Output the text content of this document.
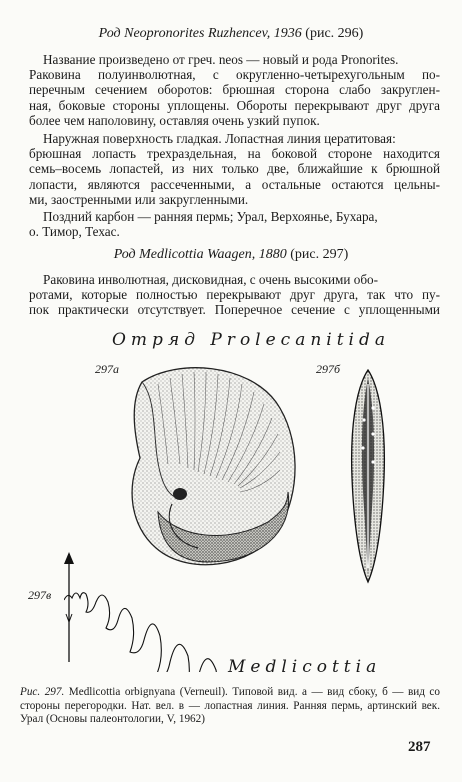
Род Neopronorites Ruzhencev, 1936 (рис. 296)
Название произведено от греч. neos — новый и рода Pronorites.
Раковина полуинволютная, с округленно-четырехугольным по-
перечным сечением оборотов: брюшная сторона слабо закруглен-
ная, боковые стороны уплощены. Обороты перекрывают друг друга
более чем наполовину, оставляя очень узкий пупок.
Наружная поверхность гладкая. Лопастная линия цератитовая:
брюшная лопасть трехраздельная, на боковой стороне находится
семь–восемь лопастей, из них только две, ближайшие к брюшной
лопасти, являются рассеченными, а остальные остаются цельны-
ми, заостренными или закругленными.
Поздний карбон — ранняя пермь; Урал, Верхоянье, Бухара,
о. Тимор, Техас.
Род Medlicottia Waagen, 1880 (рис. 297)
Раковина инволютная, дисковидная, с очень высокими обо-
ротами, которые полностью перекрывают друг друга, так что пу-
пок практически отсутствует. Поперечное сечение с уплощенными
Отряд Prolecanitida
297а	297б
297в
Medlicottia
Рис. 297. Medlicottia orbignyana (Verneuil). Типовой вид. а — вид сбоку, б — вид со стороны перегородки. Нат. вел. в — лопастная линия. Ранняя пермь, артинский век. Урал (Основы палеонтологии, V, 1962)
287
